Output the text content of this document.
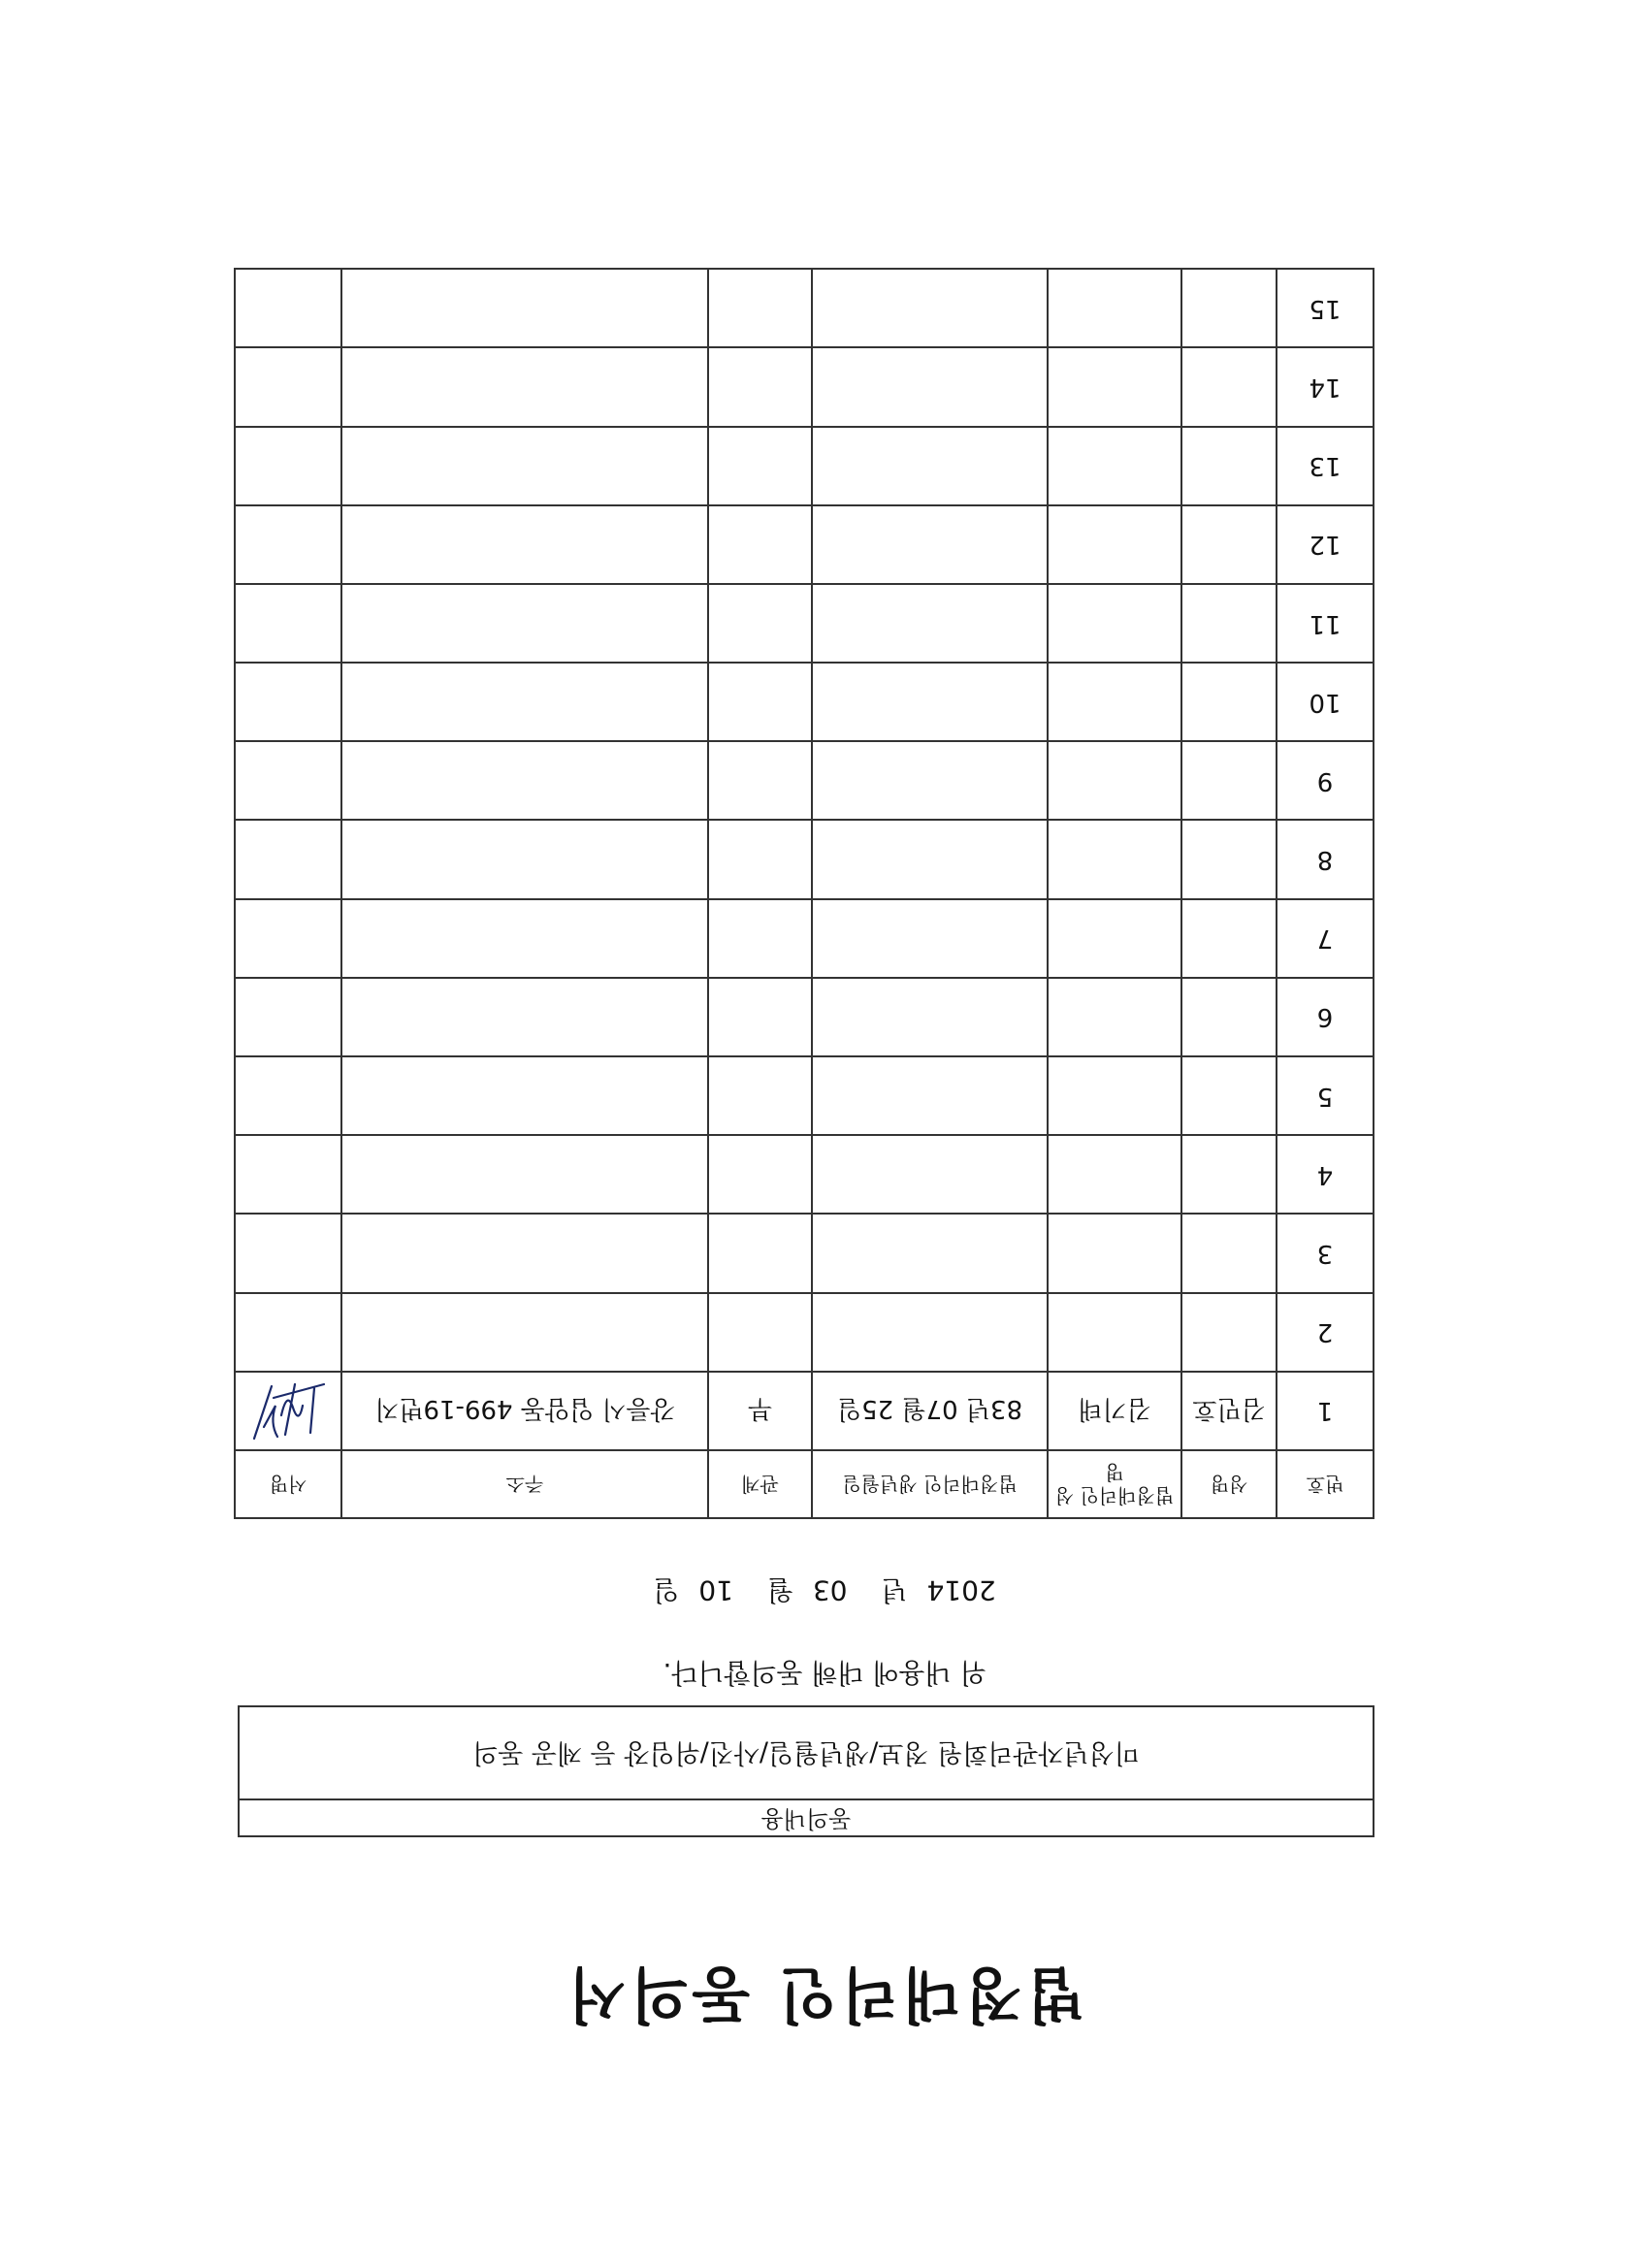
법정대리인 동의서
동의내용
미성년자관리회원 정보/생년월일/사진/위임장 등 제공 동의
위 내용에 대해 동의합니다.
2014년 03월 10일
번호	성명	법정대리인 성명	법정대리인 생년월일	관계	주소	서명
1	김민호	김기태	83년 07월 25일	부	강릉시 입암동 499-19번지	

2						
3						
4						
5						
6						
7						
8						
9						
10						
11						
12						
13						
14						
15						
